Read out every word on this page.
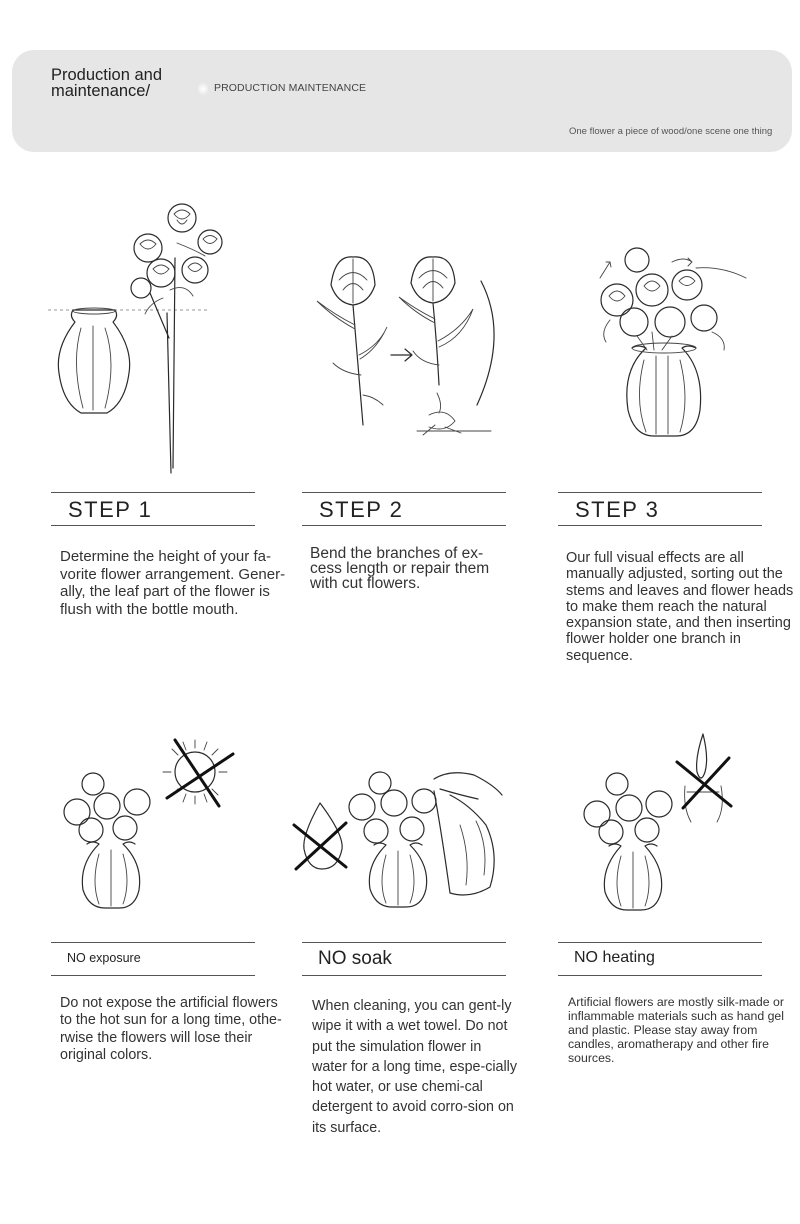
Production and maintenance/	PRODUCTION MAINTENANCE
One flower a piece of wood/one scene one thing
STEP 1	STEP 2	STEP 3
Determine the height of your fa-vorite flower arrangement. Gener-ally, the leaf part of the flower is flush with the bottle mouth.
Bend the branches of ex-cess length or repair them with cut flowers.
Our full visual effects are all manually adjusted, sorting out the stems and leaves and flower heads to make them reach the natural expansion state, and then inserting flower holder one branch in sequence.
NO exposure	NO soak	NO heating
Do not expose the artificial flowers to the hot sun for a long time, othe-rwise the flowers will lose their original colors.
When cleaning, you can gent-ly wipe it with a wet towel. Do not put the simulation flower in water for a long time, espe-cially hot water, or use chemi-cal detergent to avoid corro-sion on its surface.
Artificial flowers are mostly silk-made or inflammable materials such as hand gel and plastic. Please stay away from candles, aromatherapy and other fire sources.
